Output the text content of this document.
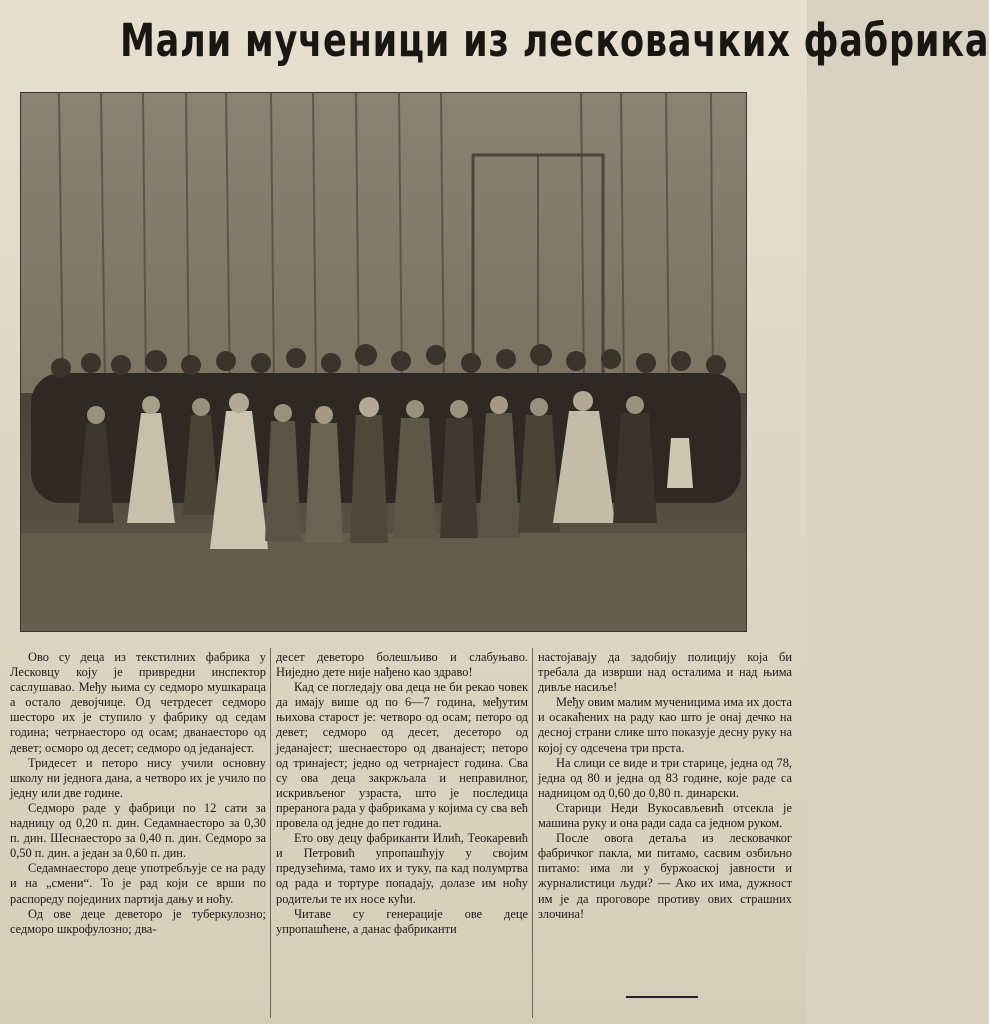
Мали мученици из лесковачких фабрика

Ово су деца из текстилних фабрика у Лесковцу коју је привредни инспектор саслушавао. Међу њима су седморо мушкараца а остало девојчице. Од четрдесет седморо шесторо их је ступило у фабрику од седам година; четрнаесторо од осам; дванаесторо од девет; осморо од десет; седморо од једанајест.

Тридесет и петоро нису учили основну школу ни једнога дана, а четворо их је учило по једну или две године.

Седморо раде у фабрици по 12 сати за надницу од 0,20 п. дин. Седамнаесторо за 0,30 п. дин. Шеснаесторо за 0,40 п. дин. Седморо за 0,50 п. дин. а један за 0,60 п. дин.

Седамнаесторо деце употребљује се на раду и на „смени“. То је рад који се врши по распореду појединих партија дању и ноћу.

Од ове деце деветоро је туберкулозно; седморо шкрофулозно; два-

десет деветоро болешљиво и слабуњаво. Ниједно дете није нађено као здраво!

Кад се погледају ова деца не би рекао човек да имају више од по 6—7 година, међутим њихова старост је: четворо од осам; петоро од девет; седморо од десет, десеторо од једанајест; шеснаесторо од дванајест; петоро од тринајест; једно од четрнајест година. Сва су ова деца закржљала и неправилног, искривљеног узраста, што је последица преранога рада у фабрикама у којима су сва већ провела од једне до пет година.

Ето ову децу фабриканти Илић, Теокаревић и Петровић упропашћују у својим предузећима, тамо их и туку, па кад полумртва од рада и тортуре попадају, долазе им ноћу родитељи те их носе кући.

Читаве су генерације ове деце упропашћене, а данас фабриканти

настојавају да задобију полицију која би требала да изврши над осталима и над њима дивље насиље!

Међу овим малим мученицима има их доста и осакаћених на раду као што је онај дечко на десној страни слике што показује десну руку на којој су одсечена три прста.

На слици се виде и три старице, једна од 78, једна од 80 и једна од 83 године, које раде са надницом од 0,60 до 0,80 п. динарски.

Старици Неди Вукосављевић отсекла је машина руку и она ради сада са једном руком.

После овога детаља из лесковачког фабричког пакла, ми питамо, сасвим озбиљно питамо: има ли у буржоаској јавности и журналистици људи? — Ако их има, дужност им је да проговоре противу ових страшних злочина!
